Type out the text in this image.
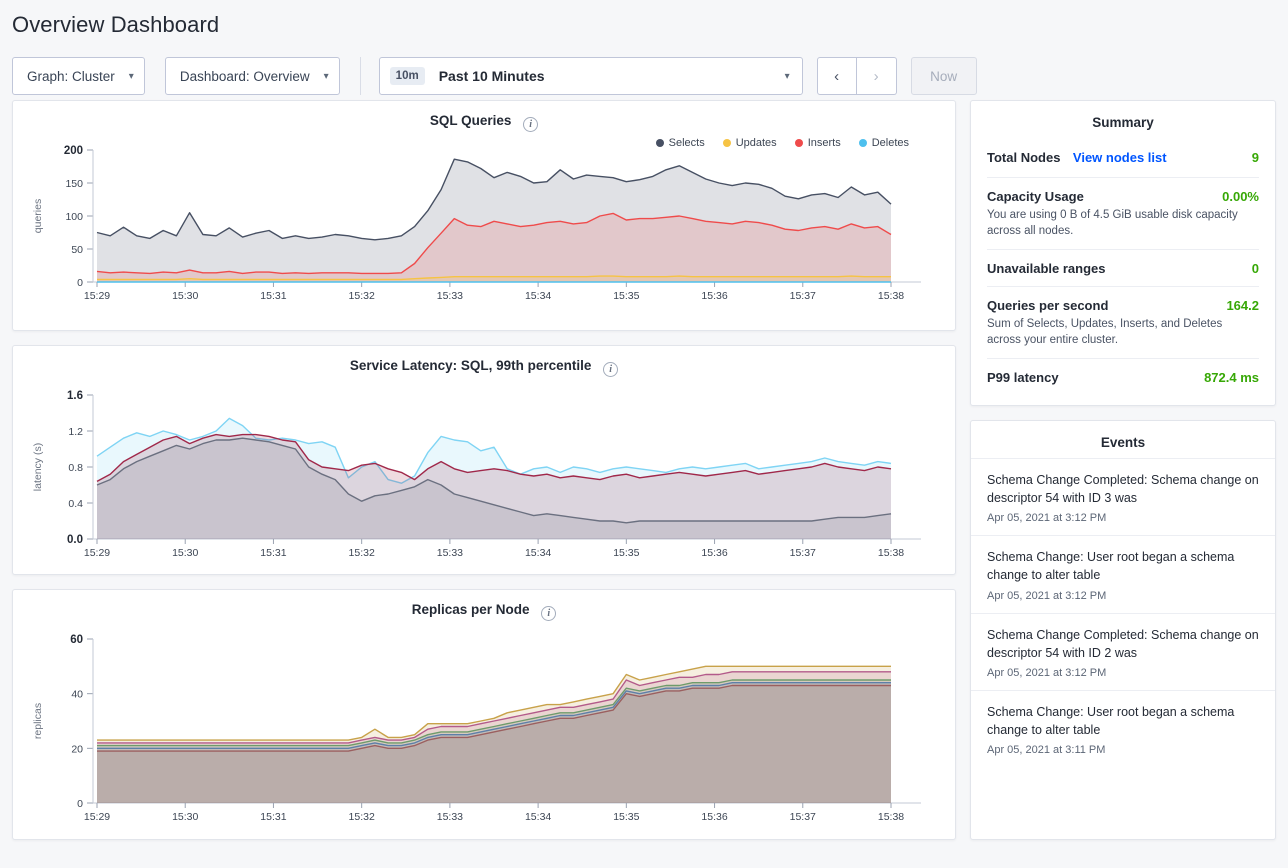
Overview Dashboard
Graph: Cluster ▾	Dashboard: Overview ▾	10m	Past 10 Minutes	▾	‹ ›	Now
SQL Queries i
Selects	Updates	Inserts	Deletes
0
50
100
150
200
queries
15:29	15:30	15:31	15:32	15:33	15:34	15:35	15:36	15:37	15:38
Service Latency: SQL, 99th percentile i
0.0
0.4
0.8
1.2
1.6
latency (s)
15:29	15:30	15:31	15:32	15:33	15:34	15:35	15:36	15:37	15:38
Replicas per Node i
0
20
40
60
replicas
15:29	15:30	15:31	15:32	15:33	15:34	15:35	15:36	15:37	15:38
Summary
Total Nodes View nodes list	9
Capacity Usage	0.00%
You are using 0 B of 4.5 GiB usable disk capacity across all nodes.
Unavailable ranges	0
Queries per second	164.2
Sum of Selects, Updates, Inserts, and Deletes across your entire cluster.
P99 latency	872.4 ms
Events
Schema Change Completed: Schema change on descriptor 54 with ID 3 was
Apr 05, 2021 at 3:12 PM
Schema Change: User root began a schema change to alter table
Apr 05, 2021 at 3:12 PM
Schema Change Completed: Schema change on descriptor 54 with ID 2 was
Apr 05, 2021 at 3:12 PM
Schema Change: User root began a schema change to alter table
Apr 05, 2021 at 3:11 PM
